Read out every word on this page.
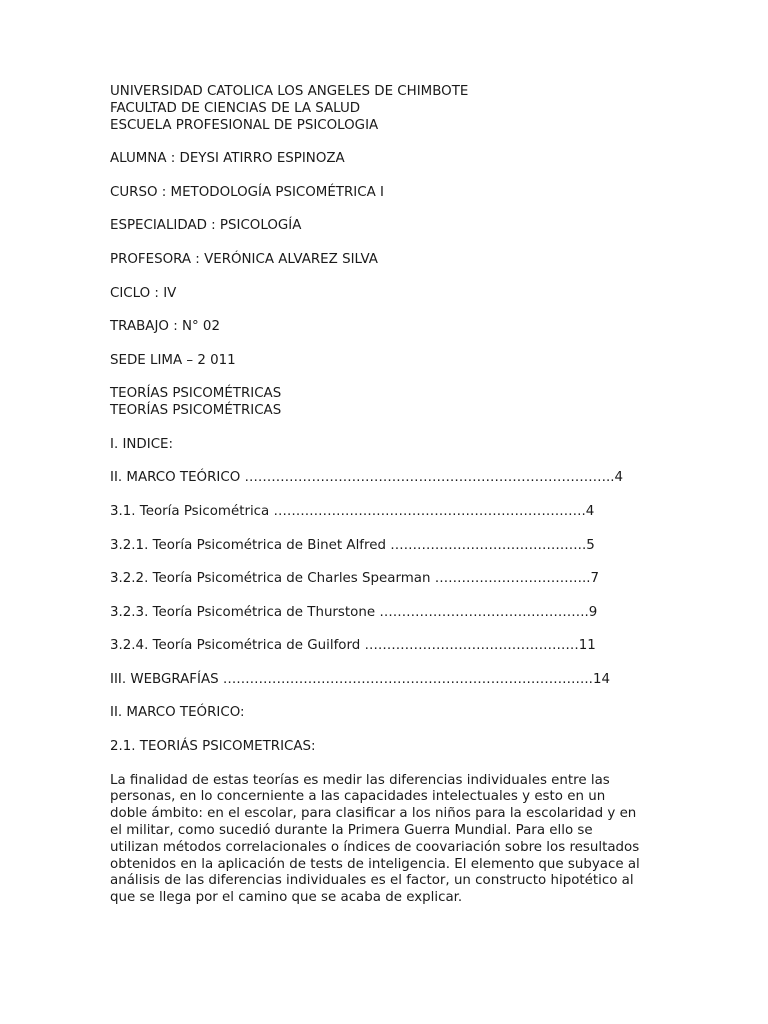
UNIVERSIDAD CATOLICA LOS ANGELES DE CHIMBOTE

FACULTAD DE CIENCIAS DE LA SALUD

ESCUELA PROFESIONAL DE PSICOLOGIA

ALUMNA : DEYSI ATIRRO ESPINOZA

CURSO : METODOLOGÍA PSICOMÉTRICA I

ESPECIALIDAD : PSICOLOGÍA

PROFESORA : VERÓNICA ALVAREZ SILVA

CICLO : IV

TRABAJO : N° 02

SEDE LIMA – 2 011

TEORÍAS PSICOMÉTRICAS

TEORÍAS PSICOMÉTRICAS

I. INDICE:

II. MARCO TEÓRICO ………………………………………………………………………..4

3.1. Teoría Psicométrica …………………………………………………………….4

3.2.1. Teoría Psicométrica de Binet Alfred ……………………………………..5

3.2.2. Teoría Psicométrica de Charles Spearman ……………………………..7

3.2.3. Teoría Psicométrica de Thurstone ………………………………………..9

3.2.4. Teoría Psicométrica de Guilford …………………………………………11

III. WEBGRAFÍAS ………………………………………………………………………..14

II. MARCO TEÓRICO:

2.1. TEORIÁS PSICOMETRICAS:

La finalidad de estas teorías es medir las diferencias individuales entre las personas, en lo concerniente a las capacidades intelectuales y esto en un doble ámbito: en el escolar, para clasificar a los niños para la escolaridad y en el militar, como sucedió durante la Primera Guerra Mundial. Para ello se utilizan métodos correlacionales o índices de coovariación sobre los resultados obtenidos en la aplicación de tests de inteligencia. El elemento que subyace al análisis de las diferencias individuales es el factor, un constructo hipotético al que se llega por el camino que se acaba de explicar.
